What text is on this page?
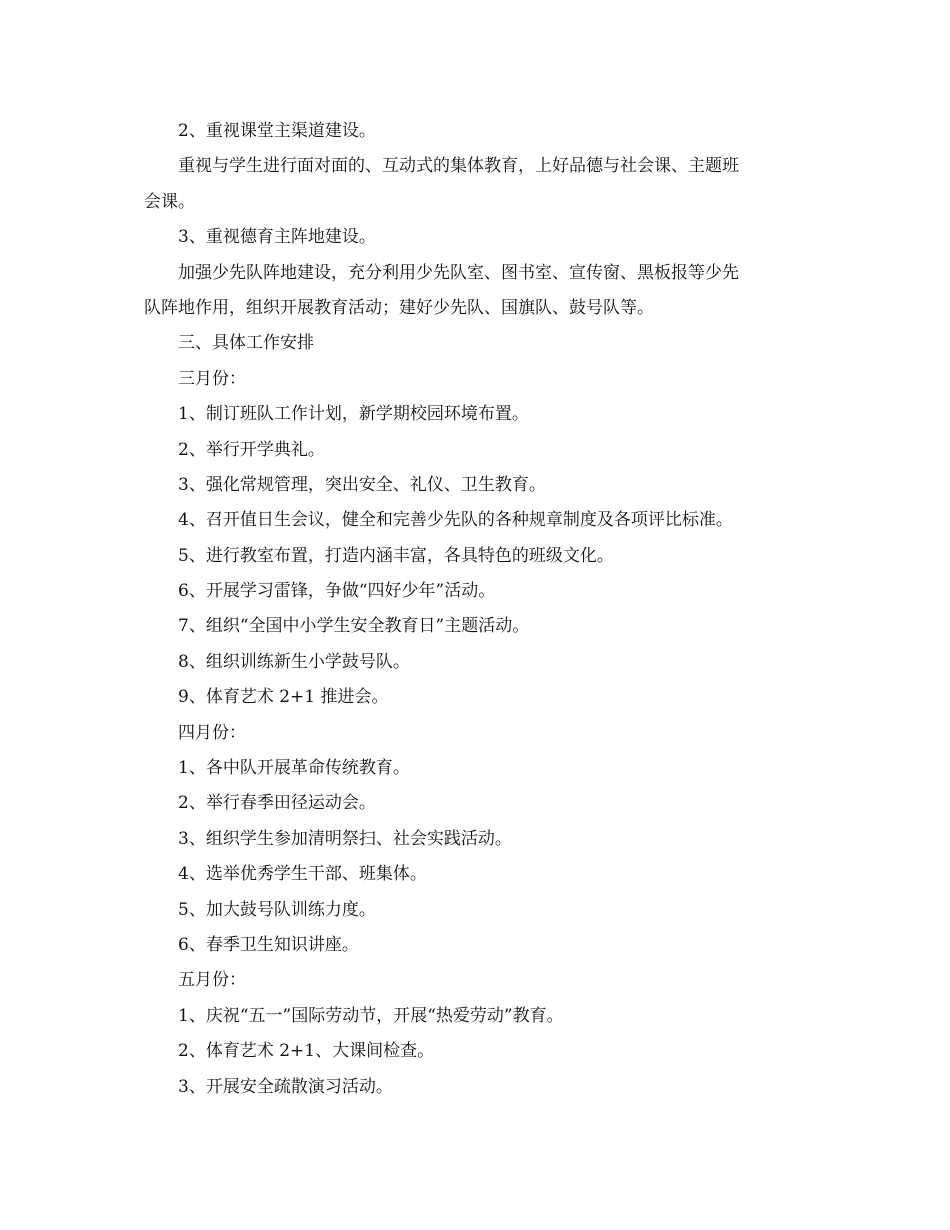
2、重视课堂主渠道建设。
重视与学生进行面对面的、互动式的集体教育，上好品德与社会课、主题班
会课。
3、重视德育主阵地建设。
加强少先队阵地建设，充分利用少先队室、图书室、宣传窗、黑板报等少先
队阵地作用，组织开展教育活动；建好少先队、国旗队、鼓号队等。
三、具体工作安排
三月份：
1、制订班队工作计划，新学期校园环境布置。
2、举行开学典礼。
3、强化常规管理，突出安全、礼仪、卫生教育。
4、召开值日生会议，健全和完善少先队的各种规章制度及各项评比标准。
5、进行教室布置，打造内涵丰富，各具特色的班级文化。
6、开展学习雷锋，争做“四好少年”活动。
7、组织“全国中小学生安全教育日”主题活动。
8、组织训练新生小学鼓号队。
9、体育艺术 2+1 推进会。
四月份：
1、各中队开展革命传统教育。
2、举行春季田径运动会。
3、组织学生参加清明祭扫、社会实践活动。
4、选举优秀学生干部、班集体。
5、加大鼓号队训练力度。
6、春季卫生知识讲座。
五月份：
1、庆祝“五一”国际劳动节，开展“热爱劳动”教育。
2、体育艺术 2+1、大课间检查。
3、开展安全疏散演习活动。
